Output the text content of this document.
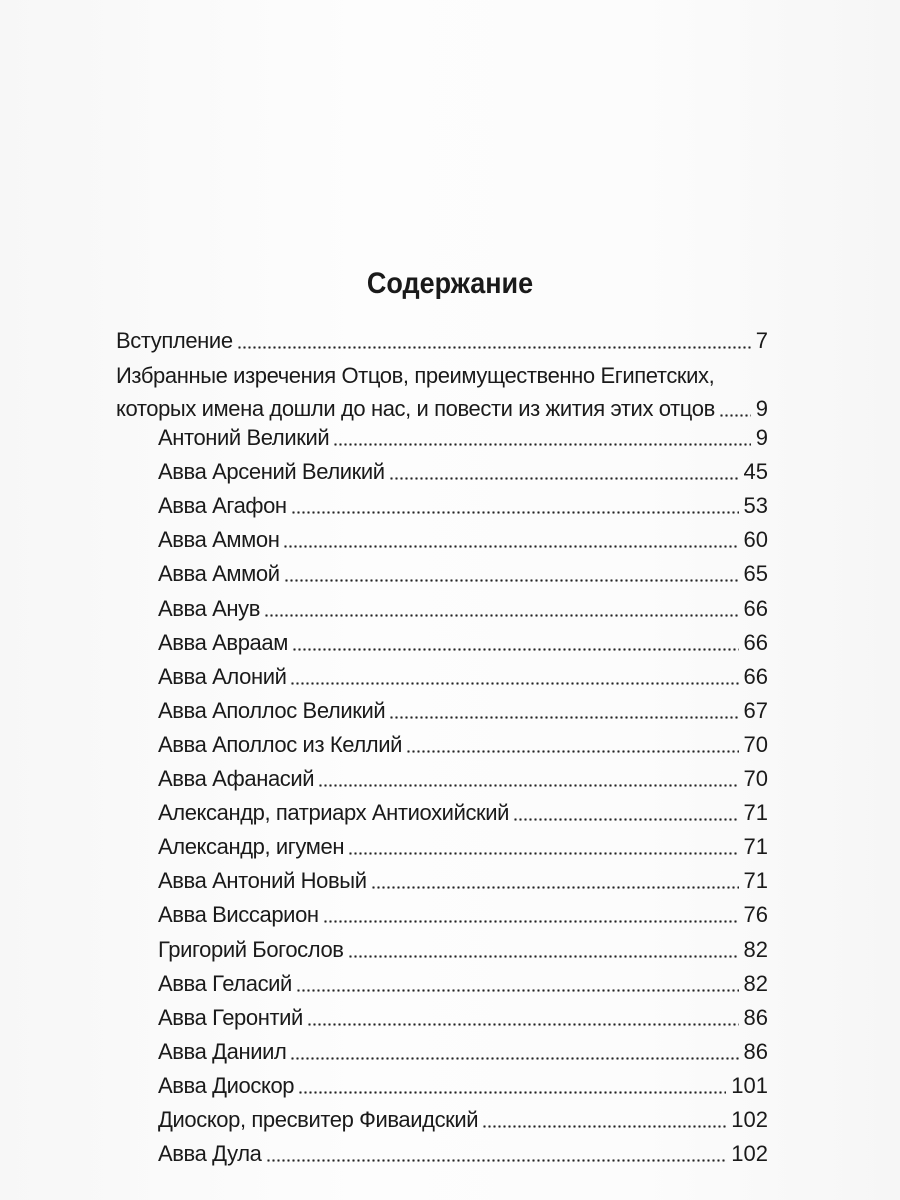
Содержание
Вступление	7
Избранные изречения Отцов, преимущественно Египетских,
которых имена дошли до нас, и повести из жития этих отцов 9
Антоний Великий	9
Авва Арсений Великий	45
Авва Агафон	53
Авва Аммон	60
Авва Аммой	65
Авва Анув	66
Авва Авраам	66
Авва Алоний	66
Авва Аполлос Великий	67
Авва Аполлос из Келлий	70
Авва Афанасий	70
Александр, патриарх Антиохийский	71
Александр, игумен	71
Авва Антоний Новый	71
Авва Виссарион	76
Григорий Богослов	82
Авва Геласий	82
Авва Геронтий	86
Авва Даниил	86
Авва Диоскор	101
Диоскор, пресвитер Фиваидский	102
Авва Дула	102
